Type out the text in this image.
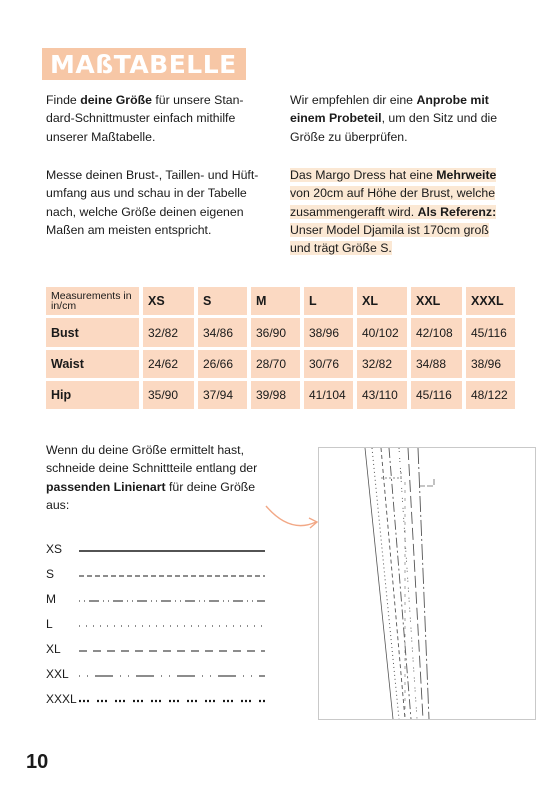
MAßTABELLE

Finde deine Größe für unsere Stan-dard-Schnittmuster einfach mithilfe unserer Maßtabelle.

Messe deinen Brust-, Taillen- und Hüft-umfang aus und schau in der Tabelle nach, welche Größe deinen eigenen Maßen am meisten entspricht.

Wir empfehlen dir eine Anprobe mit einem Probeteil, um den Sitz und die Größe zu überprüfen.

Das Margo Dress hat eine Mehrweite von 20cm auf Höhe der Brust, welche zusammengerafft wird. Als Referenz: Unser Model Djamila ist 170cm groß und trägt Größe S.

Measurements in in/cm	XS	S	M	L	XL	XXL	XXXL
Bust	32/82	34/86	36/90	38/96	40/102	42/108	45/116
Waist	24/62	26/66	28/70	30/76	32/82	34/88	38/96
Hip	35/90	37/94	39/98	41/104	43/110	45/116	48/122

Wenn du deine Größe ermittelt hast, schneide deine Schnittteile entlang der passenden Linienart für deine Größe aus:

XS
S
M
L
XL
XXL
XXXL
10
